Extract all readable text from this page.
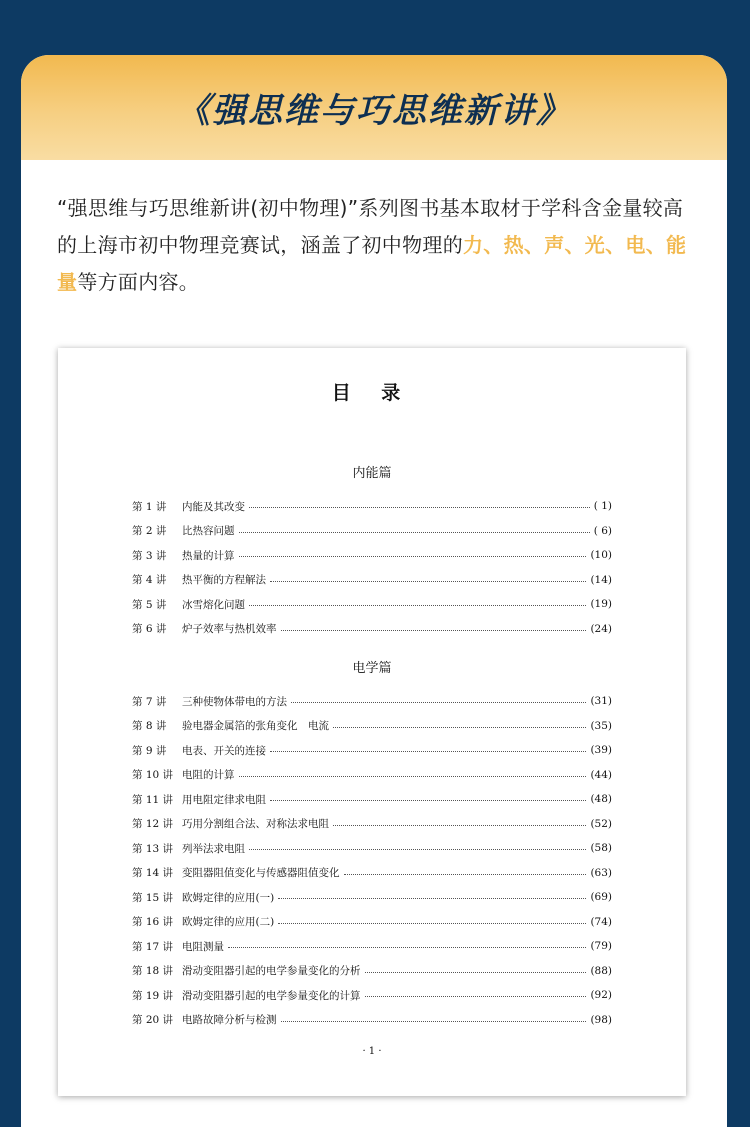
《强思维与巧思维新讲》

“强思维与巧思维新讲(初中物理)”系列图书基本取材于学科含金量较高的上海市初中物理竞赛试，涵盖了初中物理的力、热、声、光、电、能量等方面内容。

目 录
内能篇
第 1 讲	内能及其改变	( 1)
第 2 讲	比热容问题	( 6)
第 3 讲	热量的计算	(10)
第 4 讲	热平衡的方程解法	(14)
第 5 讲	冰雪熔化问题	(19)
第 6 讲	炉子效率与热机效率	(24)
电学篇
第 7 讲	三种使物体带电的方法	(31)
第 8 讲	验电器金属箔的张角变化　电流	(35)
第 9 讲	电表、开关的连接	(39)
第 10 讲 电阻的计算	(44)
第 11 讲 用电阻定律求电阻	(48)
第 12 讲 巧用分割组合法、对称法求电阻	(52)
第 13 讲 列举法求电阻	(58)
第 14 讲 变阻器阻值变化与传感器阻值变化	(63)
第 15 讲 欧姆定律的应用(一)	(69)
第 16 讲 欧姆定律的应用(二)	(74)
第 17 讲 电阻测量	(79)
第 18 讲 滑动变阻器引起的电学参量变化的分析	(88)
第 19 讲 滑动变阻器引起的电学参量变化的计算	(92)
第 20 讲 电路故障分析与检测	(98)
· 1 ·
